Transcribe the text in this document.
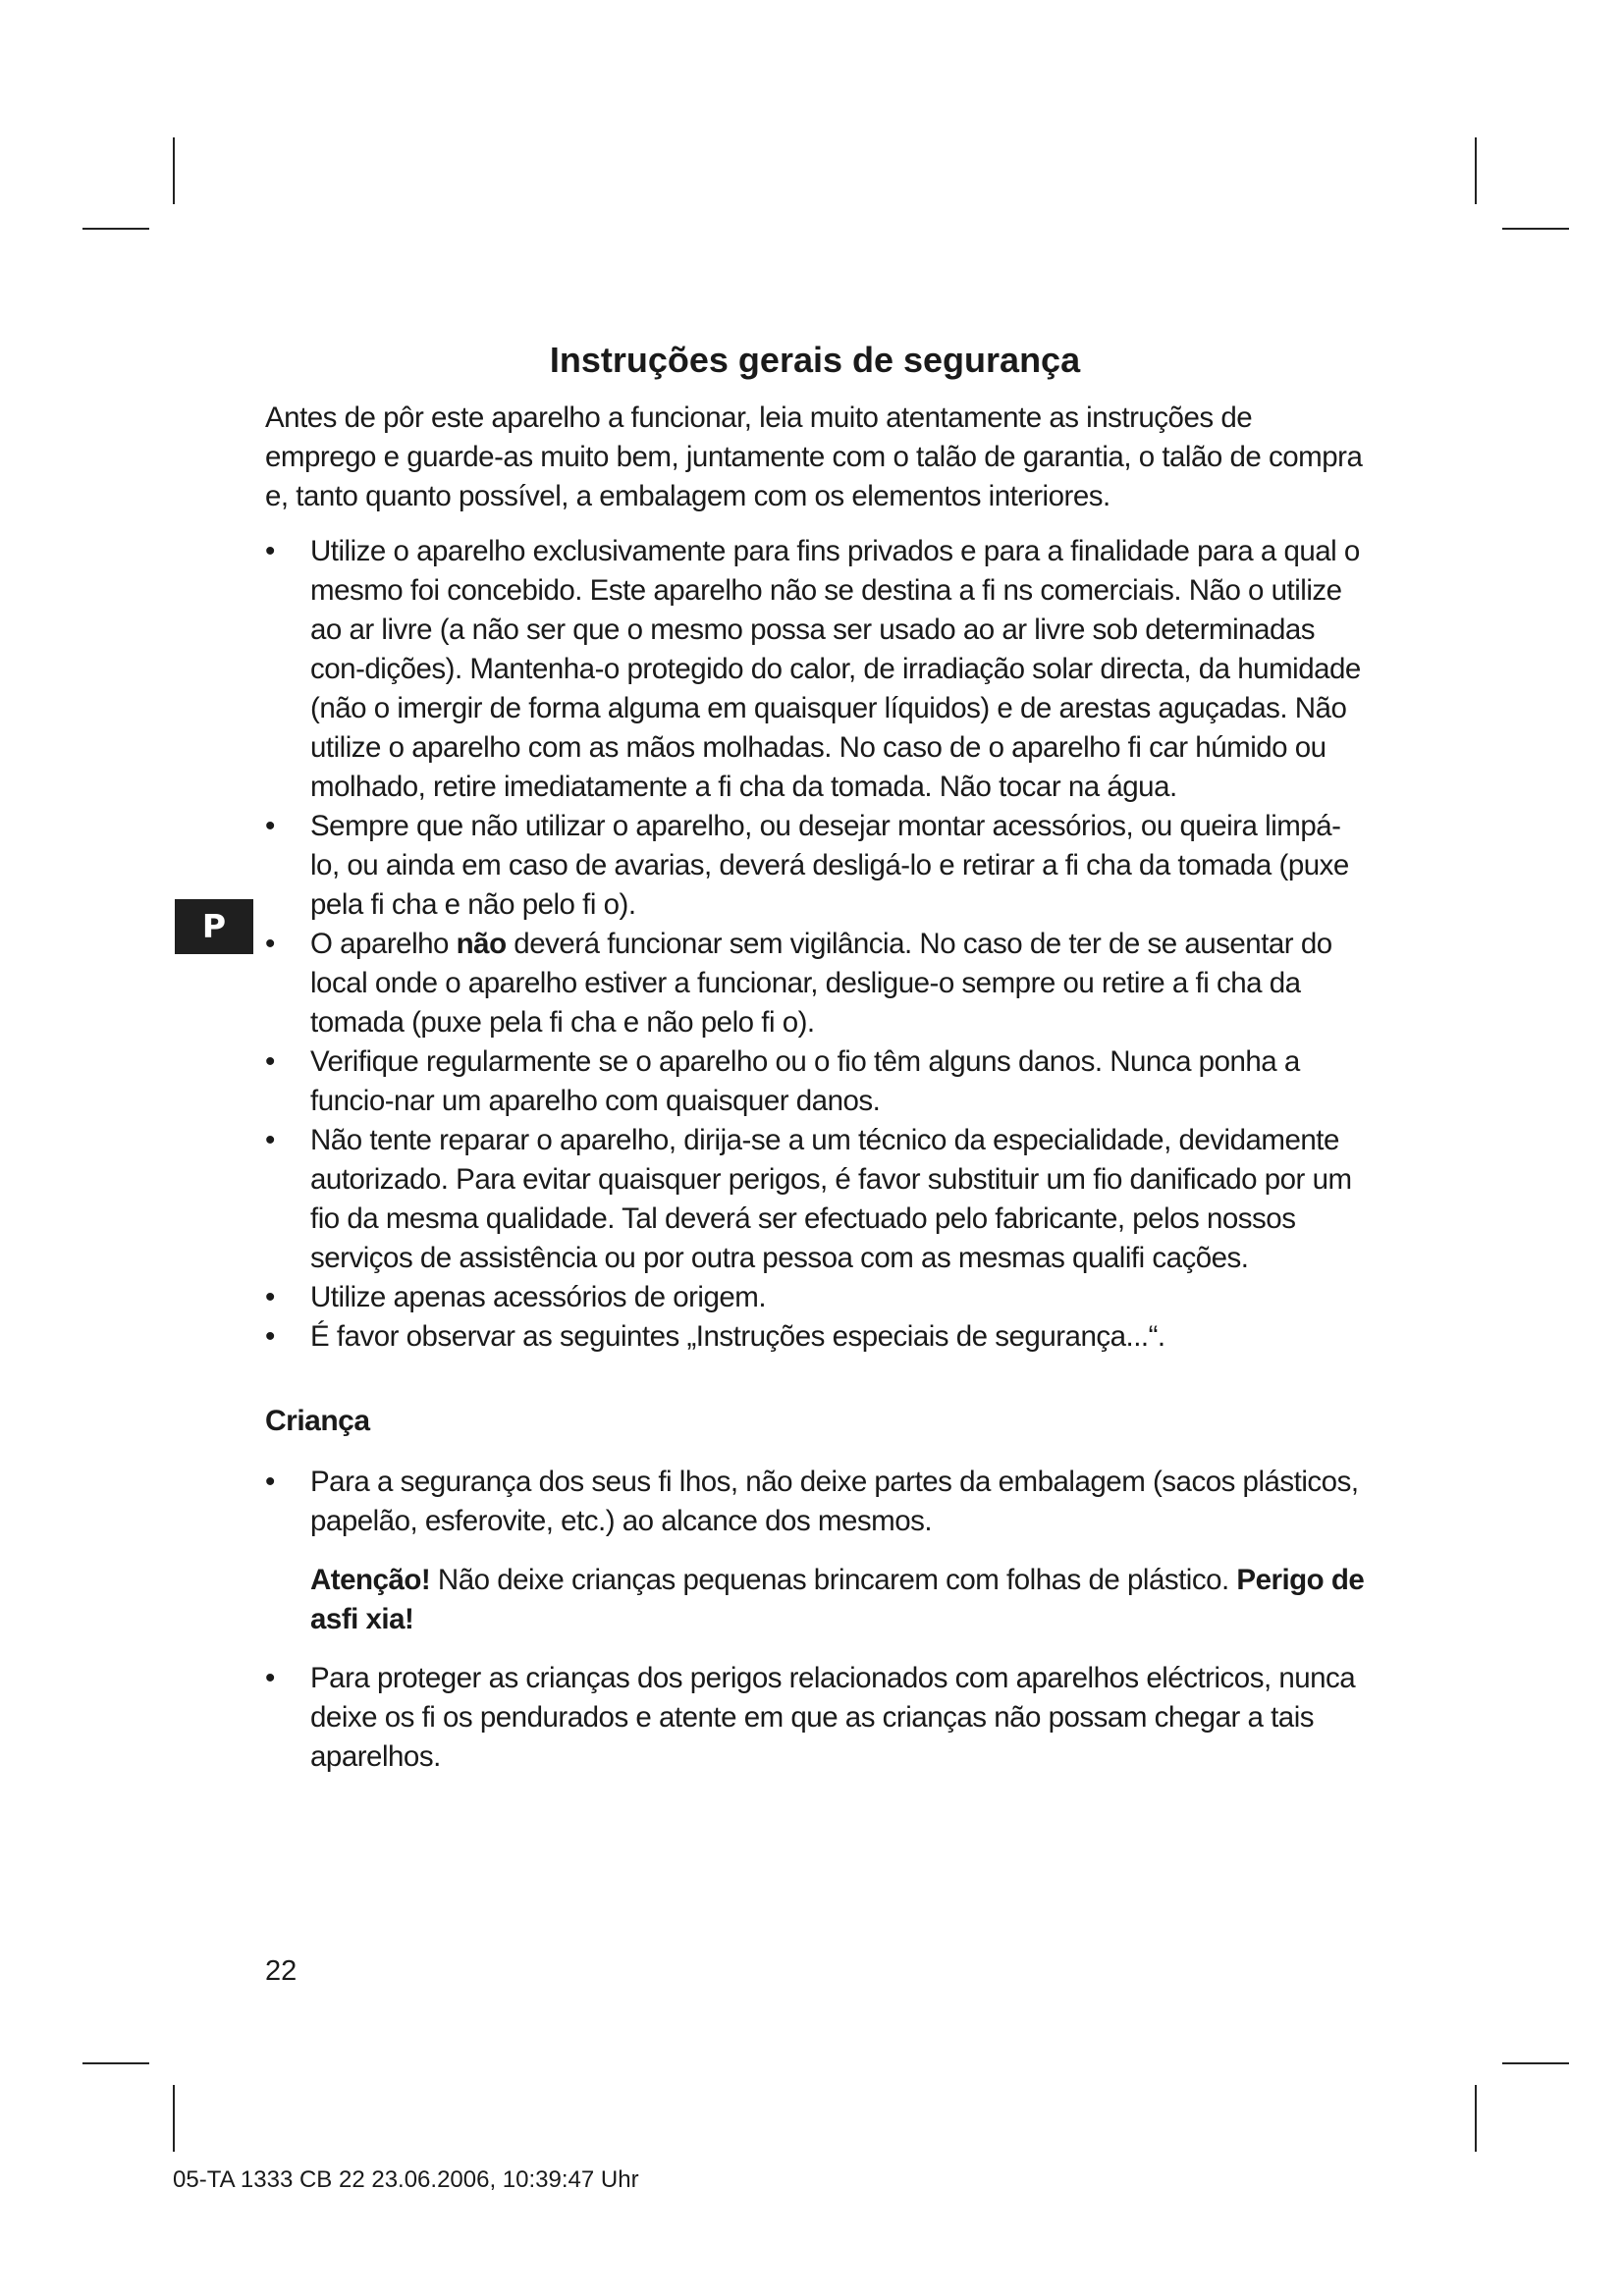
P
Instruções gerais de segurança

Antes de pôr este aparelho a funcionar, leia muito atentamente as instruções de emprego e guarde-as muito bem, juntamente com o talão de garantia, o talão de compra e, tanto quanto possível, a embalagem com os elementos interiores.

• Utilize o aparelho exclusivamente para fins privados e para a finalidade para a qual o mesmo foi concebido. Este aparelho não se destina a fi ns comerciais. Não o utilize ao ar livre (a não ser que o mesmo possa ser usado ao ar livre sob determinadas con-dições). Mantenha-o protegido do calor, de irradiação solar directa, da humidade (não o imergir de forma alguma em quaisquer líquidos) e de arestas aguçadas. Não utilize o aparelho com as mãos molhadas. No caso de o aparelho fi car húmido ou molhado, retire imediatamente a fi cha da tomada. Não tocar na água.
• Sempre que não utilizar o aparelho, ou desejar montar acessórios, ou queira limpá-lo, ou ainda em caso de avarias, deverá desligá-lo e retirar a fi cha da tomada (puxe pela fi cha e não pelo fi o).
• O aparelho não deverá funcionar sem vigilância. No caso de ter de se ausentar do local onde o aparelho estiver a funcionar, desligue-o sempre ou retire a fi cha da tomada (puxe pela fi cha e não pelo fi o).
• Verifique regularmente se o aparelho ou o fio têm alguns danos. Nunca ponha a funcio-nar um aparelho com quaisquer danos.
• Não tente reparar o aparelho, dirija-se a um técnico da especialidade, devidamente autorizado. Para evitar quaisquer perigos, é favor substituir um fio danificado por um fio da mesma qualidade. Tal deverá ser efectuado pelo fabricante, pelos nossos serviços de assistência ou por outra pessoa com as mesmas qualifi cações.
• Utilize apenas acessórios de origem.
• É favor observar as seguintes „Instruções especiais de segurança...“.
Criança
• Para a segurança dos seus fi lhos, não deixe partes da embalagem (sacos plásticos, papelão, esferovite, etc.) ao alcance dos mesmos.

Atenção! Não deixe crianças pequenas brincarem com folhas de plástico. Perigo de asfi xia!

• Para proteger as crianças dos perigos relacionados com aparelhos eléctricos, nunca deixe os fi os pendurados e atente em que as crianças não possam chegar a tais aparelhos.
22
05-TA 1333 CB 22 23.06.2006, 10:39:47 Uhr
